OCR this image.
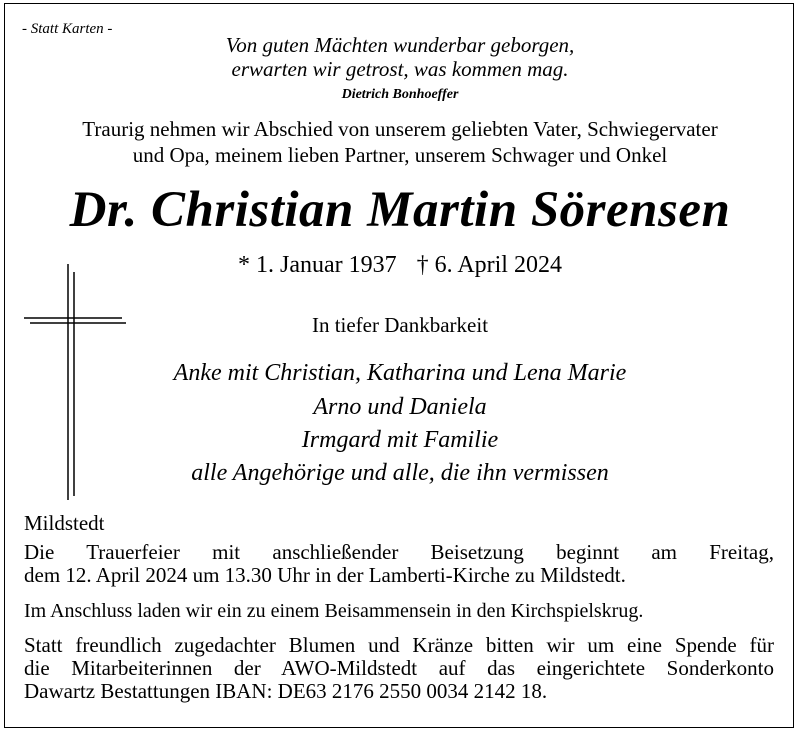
- Statt Karten -
Von guten Mächten wunderbar geborgen,
erwarten wir getrost, was kommen mag.
Dietrich Bonhoeffer
Traurig nehmen wir Abschied von unserem geliebten Vater, Schwiegervater
und Opa, meinem lieben Partner, unserem Schwager und Onkel
Dr. Christian Martin Sörensen
* 1. Januar 1937 † 6. April 2024
In tiefer Dankbarkeit
Anke mit Christian, Katharina und Lena Marie
Arno und Daniela
Irmgard mit Familie
alle Angehörige und alle, die ihn vermissen
Mildstedt
Die Trauerfeier mit anschließender Beisetzung beginnt am Freitag,
dem 12. April 2024 um 13.30 Uhr in der Lamberti-Kirche zu Mildstedt.
Im Anschluss laden wir ein zu einem Beisammensein in den Kirchspielskrug.
Statt freundlich zugedachter Blumen und Kränze bitten wir um eine Spende für
die Mitarbeiterinnen der AWO-Mildstedt auf das eingerichtete Sonderkonto
Dawartz Bestattungen IBAN: DE63 2176 2550 0034 2142 18.
